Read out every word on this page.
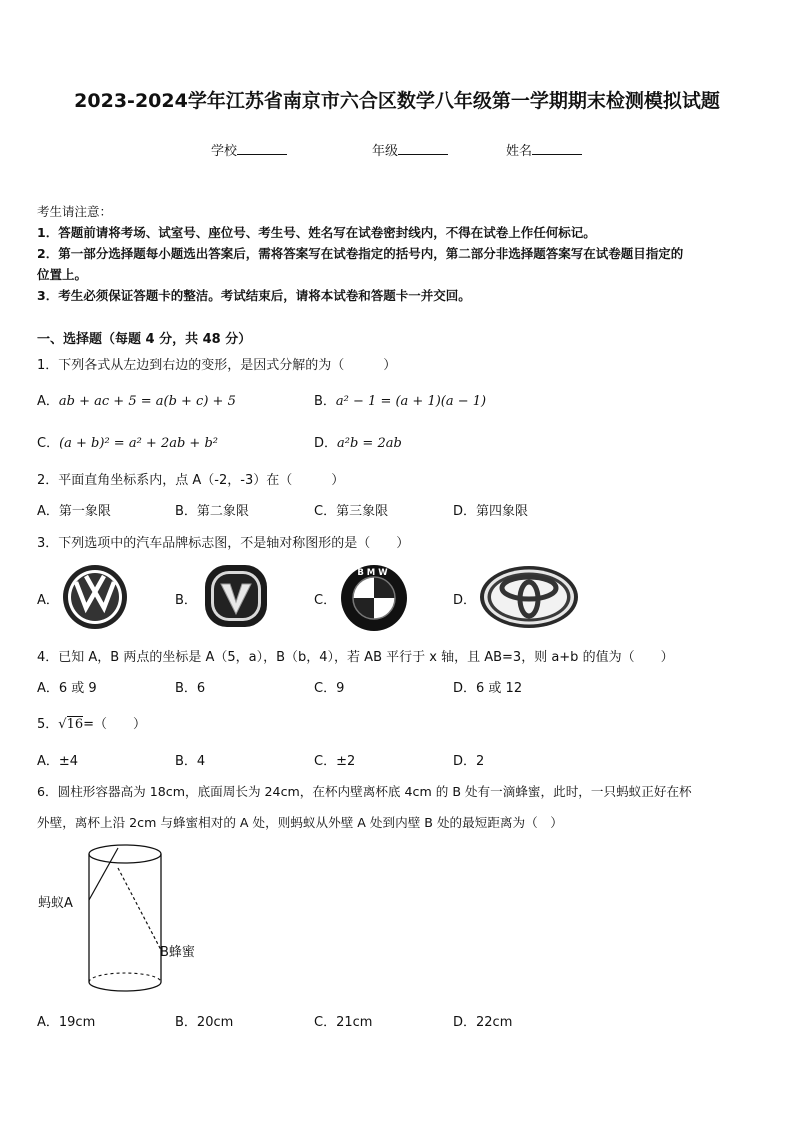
2023-2024学年江苏省南京市六合区数学八年级第一学期期末检测模拟试题
学校	年级	姓名
考生请注意：
1．答题前请将考场、试室号、座位号、考生号、姓名写在试卷密封线内，不得在试卷上作任何标记。
2．第一部分选择题每小题选出答案后，需将答案写在试卷指定的括号内，第二部分非选择题答案写在试卷题目指定的
位置上。
3．考生必须保证答题卡的整洁。考试结束后，请将本试卷和答题卡一并交回。
一、选择题（每题 4 分，共 48 分）
1．下列各式从左边到右边的变形，是因式分解的为（　　　）
A．ab + ac + 5 = a(b + c) + 5	B．a² − 1 = (a + 1)(a − 1)
C．(a + b)² = a² + 2ab + b²	D．a²b = 2ab
2．平面直角坐标系内，点 A（-2，-3）在（　　　）
A．第一象限	B．第二象限	C．第三象限	D．第四象限
3．下列选项中的汽车品牌标志图，不是轴对称图形的是（　　）
A．	B．	C．	D．
BMW
4．已知 A，B 两点的坐标是 A（5，a），B（b，4），若 AB 平行于 x 轴，且 AB=3，则 a+b 的值为（　　）
A．6 或 9	B．6	C．9	D．6 或 12
5．√16=（　　）
A．±4	B．4	C．±2	D．2
6．圆柱形容器高为 18cm，底面周长为 24cm，在杯内壁离杯底 4cm 的 B 处有一滴蜂蜜，此时，一只蚂蚁正好在杯
外壁，离杯上沿 2cm 与蜂蜜相对的 A 处，则蚂蚁从外壁 A 处到内壁 B 处的最短距离为（　）
蚂蚁A
B蜂蜜
A．19cm	B．20cm	C．21cm	D．22cm
